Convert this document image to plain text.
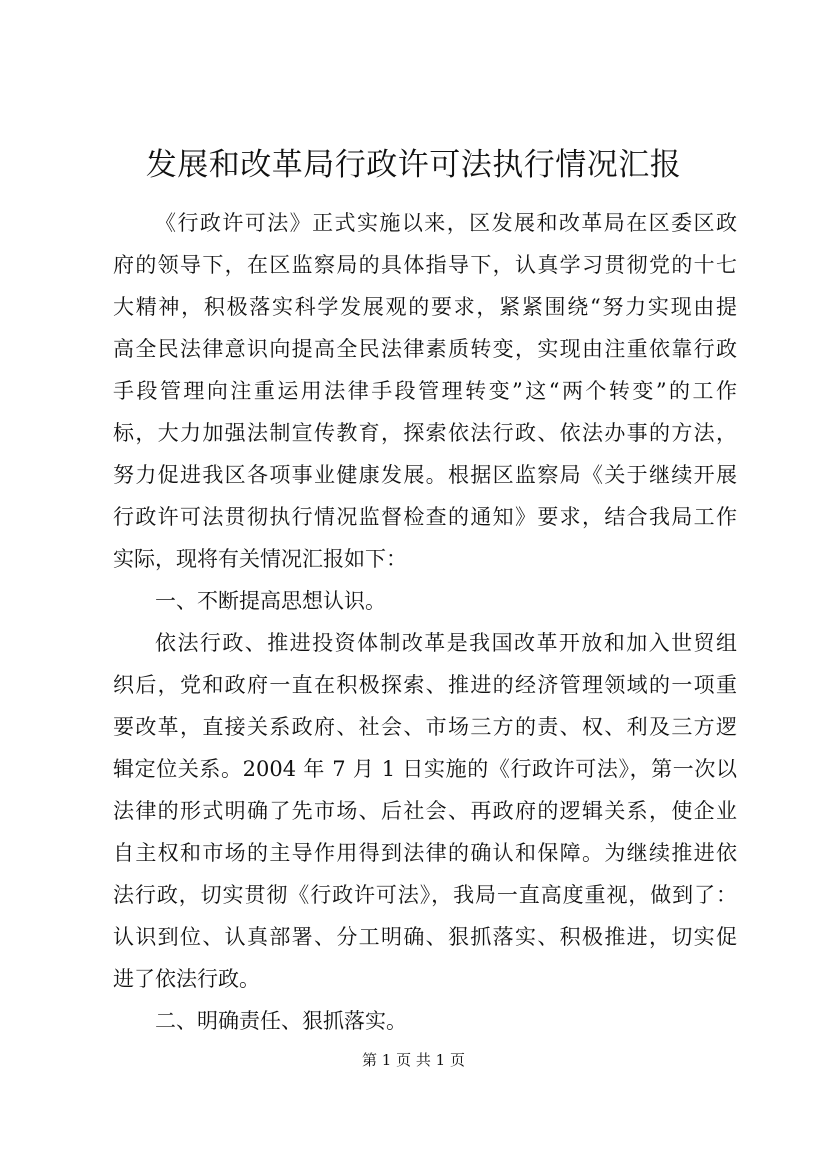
发展和改革局行政许可法执行情况汇报
《行政许可法》正式实施以来，区发展和改革局在区委区政
府的领导下，在区监察局的具体指导下，认真学习贯彻党的十七
大精神，积极落实科学发展观的要求，紧紧围绕“努力实现由提
高全民法律意识向提高全民法律素质转变，实现由注重依靠行政
手段管理向注重运用法律手段管理转变”这“两个转变”的工作
标，大力加强法制宣传教育，探索依法行政、依法办事的方法，
努力促进我区各项事业健康发展。根据区监察局《关于继续开展
行政许可法贯彻执行情况监督检查的通知》要求，结合我局工作
实际，现将有关情况汇报如下：
一、不断提高思想认识。
依法行政、推进投资体制改革是我国改革开放和加入世贸组
织后，党和政府一直在积极探索、推进的经济管理领域的一项重
要改革，直接关系政府、社会、市场三方的责、权、利及三方逻
辑定位关系。2004 年 7 月 1 日实施的《行政许可法》，第一次以
法律的形式明确了先市场、后社会、再政府的逻辑关系，使企业
自主权和市场的主导作用得到法律的确认和保障。为继续推进依
法行政，切实贯彻《行政许可法》，我局一直高度重视，做到了：
认识到位、认真部署、分工明确、狠抓落实、积极推进，切实促
进了依法行政。
二、明确责任、狠抓落实。
第 1 页 共 1 页
